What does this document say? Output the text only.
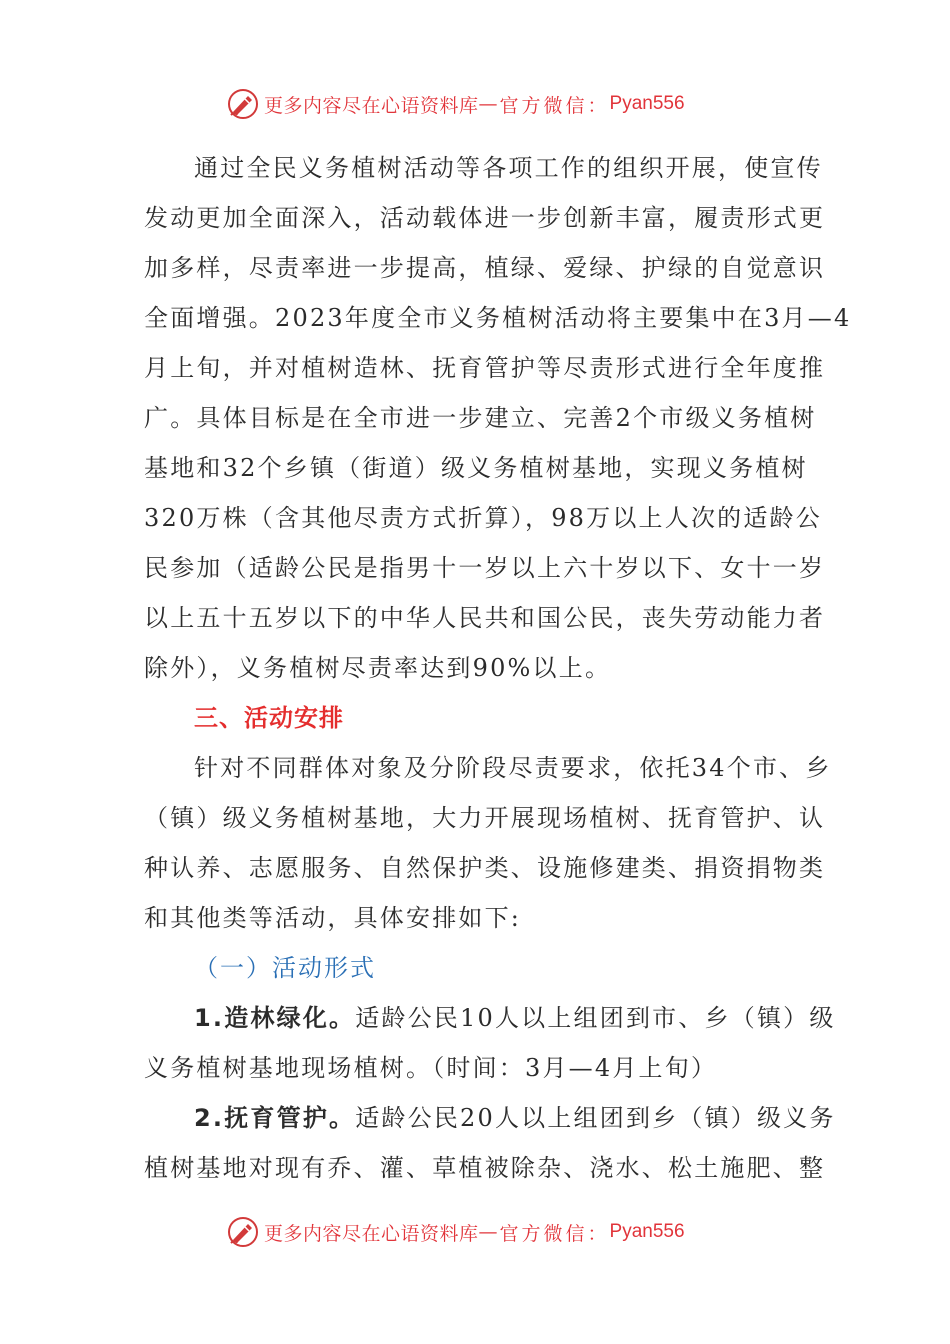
更多内容尽在心语资料库 — 官方微信： Pyan556
通过全民义务植树活动等各项工作的组织开展，使宣传
发动更加全面深入，活动载体进一步创新丰富，履责形式更
加多样，尽责率进一步提高，植绿、爱绿、护绿的自觉意识
全面增强。2023年度全市义务植树活动将主要集中在3月—4
月上旬，并对植树造林、抚育管护等尽责形式进行全年度推
广。具体目标是在全市进一步建立、完善2个市级义务植树
基地和32个乡镇（街道）级义务植树基地，实现义务植树
320万株（含其他尽责方式折算），98万以上人次的适龄公
民参加（适龄公民是指男十一岁以上六十岁以下、女十一岁
以上五十五岁以下的中华人民共和国公民，丧失劳动能力者
除外），义务植树尽责率达到90%以上。
三、活动安排
针对不同群体对象及分阶段尽责要求，依托34个市、乡
（镇）级义务植树基地，大力开展现场植树、抚育管护、认
种认养、志愿服务、自然保护类、设施修建类、捐资捐物类
和其他类等活动，具体安排如下:
（一）活动形式
1.造林绿化。适龄公民10人以上组团到市、乡（镇）级
义务植树基地现场植树。（时间：3月—4月上旬）
2.抚育管护。适龄公民20人以上组团到乡（镇）级义务
植树基地对现有乔、灌、草植被除杂、浇水、松土施肥、整
更多内容尽在心语资料库 — 官方微信： Pyan556
